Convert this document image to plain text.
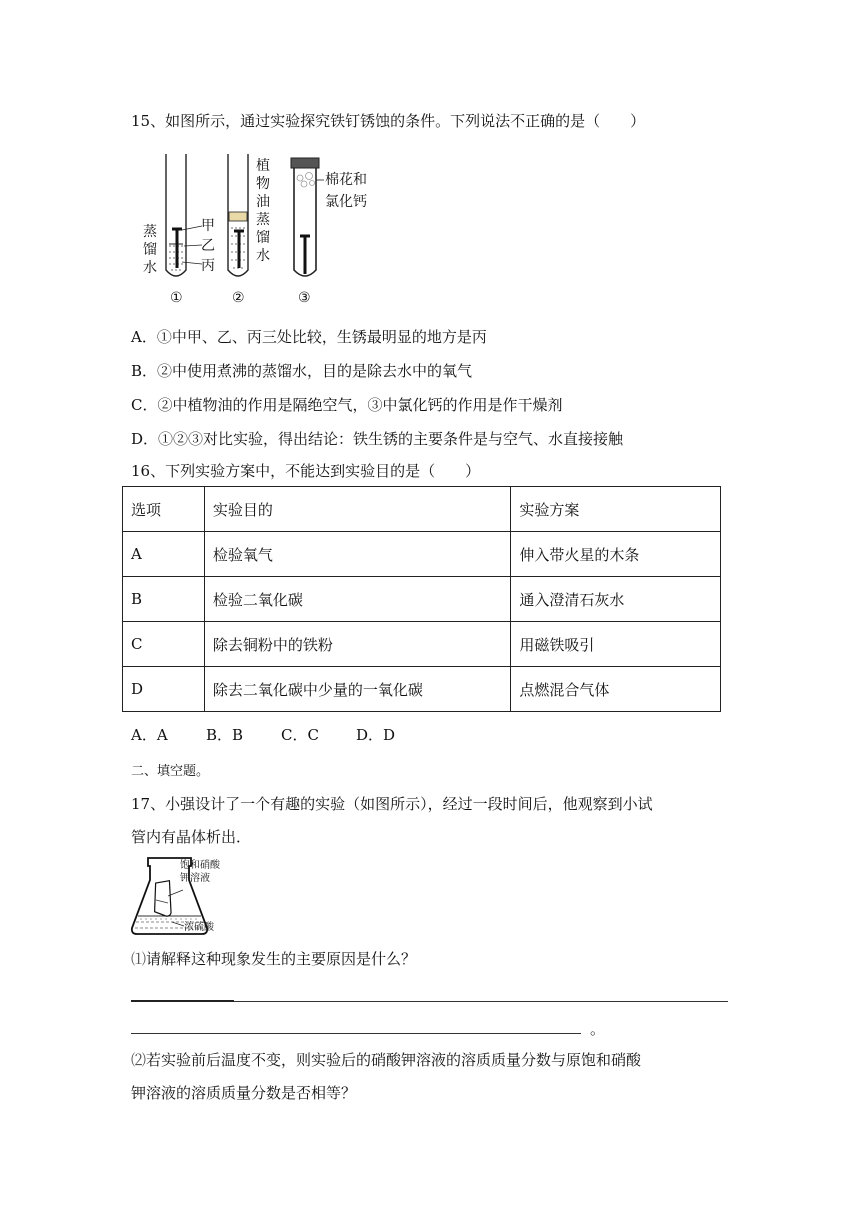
15、如图所示，通过实验探究铁钉锈蚀的条件。下列说法不正确的是（　　）
蒸
馏
水
甲
乙
丙
①
植
物
油
蒸
馏
水
②
棉花和
氯化钙
③
A．①中甲、乙、丙三处比较，生锈最明显的地方是丙
B．②中使用煮沸的蒸馏水，目的是除去水中的氧气
C．②中植物油的作用是隔绝空气，③中氯化钙的作用是作干燥剂
D．①②③对比实验，得出结论：铁生锈的主要条件是与空气、水直接接触
16、下列实验方案中，不能达到实验目的是（　　）
选项	实验目的	实验方案
A	检验氧气	伸入带火星的木条
B	检验二氧化碳	通入澄清石灰水
C	除去铜粉中的铁粉	用磁铁吸引
D	除去二氧化碳中少量的一氧化碳	点燃混合气体
A．A	B．B	C．C D．D
二、填空题。
17、小强设计了一个有趣的实验（如图所示），经过一段时间后，他观察到小试
管内有晶体析出．
饱和硝酸
钾溶液
浓硫酸
⑴请解释这种现象发生的主要原因是什么？
。
⑵若实验前后温度不变，则实验后的硝酸钾溶液的溶质质量分数与原饱和硝酸
钾溶液的溶质质量分数是否相等？
